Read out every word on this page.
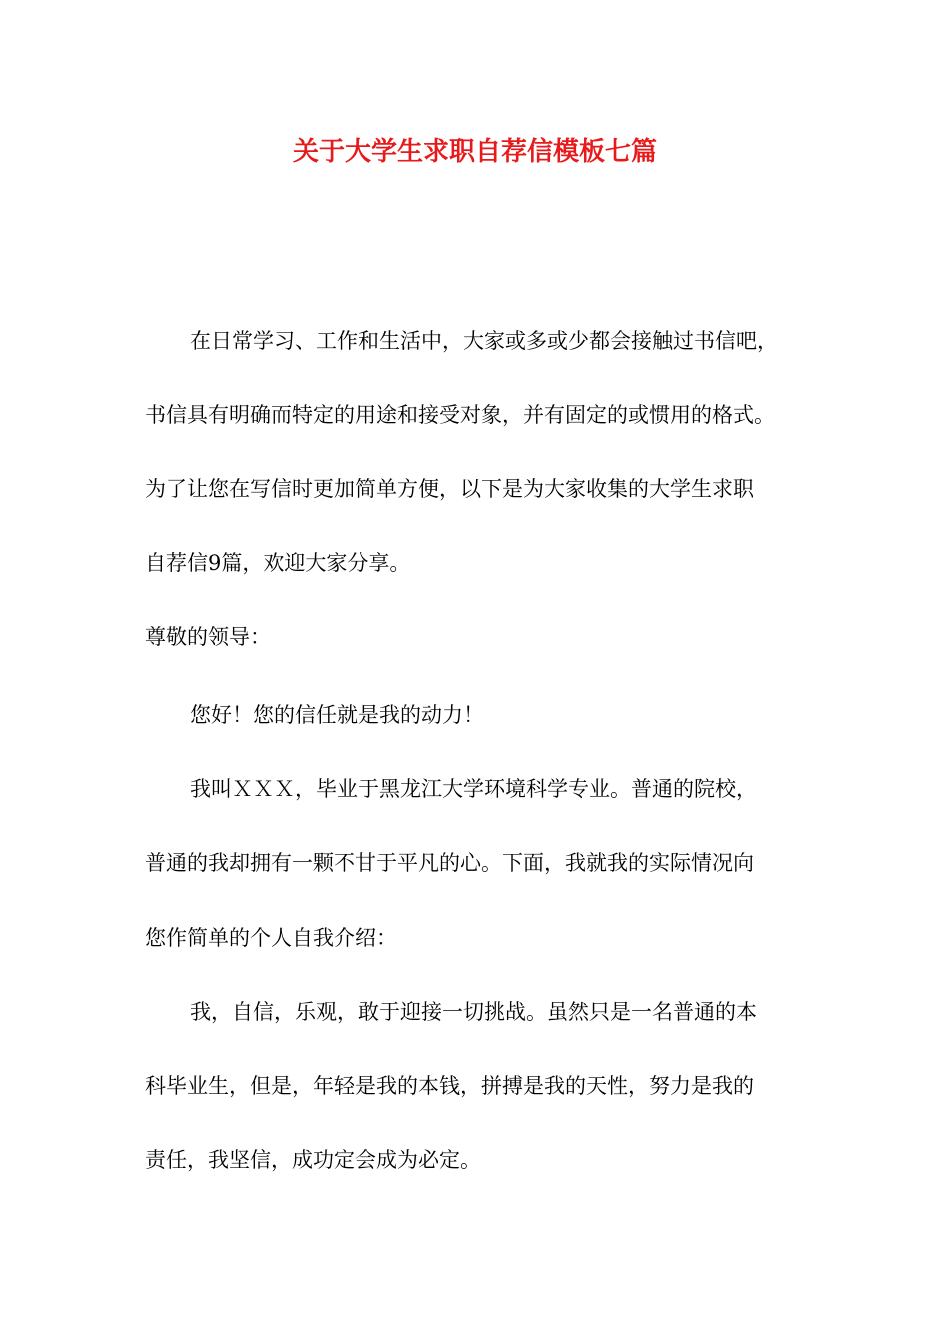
关于大学生求职自荐信模板七篇

在日常学习、工作和生活中，大家或多或少都会接触过书信吧，

书信具有明确而特定的用途和接受对象，并有固定的或惯用的格式。

为了让您在写信时更加简单方便，以下是为大家收集的大学生求职

自荐信9篇，欢迎大家分享。

尊敬的领导：

您好！您的信任就是我的动力！

我叫ＸＸＸ，毕业于黑龙江大学环境科学专业。普通的院校，

普通的我却拥有一颗不甘于平凡的心。下面，我就我的实际情况向

您作简单的个人自我介绍：

我，自信，乐观，敢于迎接一切挑战。虽然只是一名普通的本

科毕业生，但是，年轻是我的本钱，拼搏是我的天性，努力是我的

责任，我坚信，成功定会成为必定。
